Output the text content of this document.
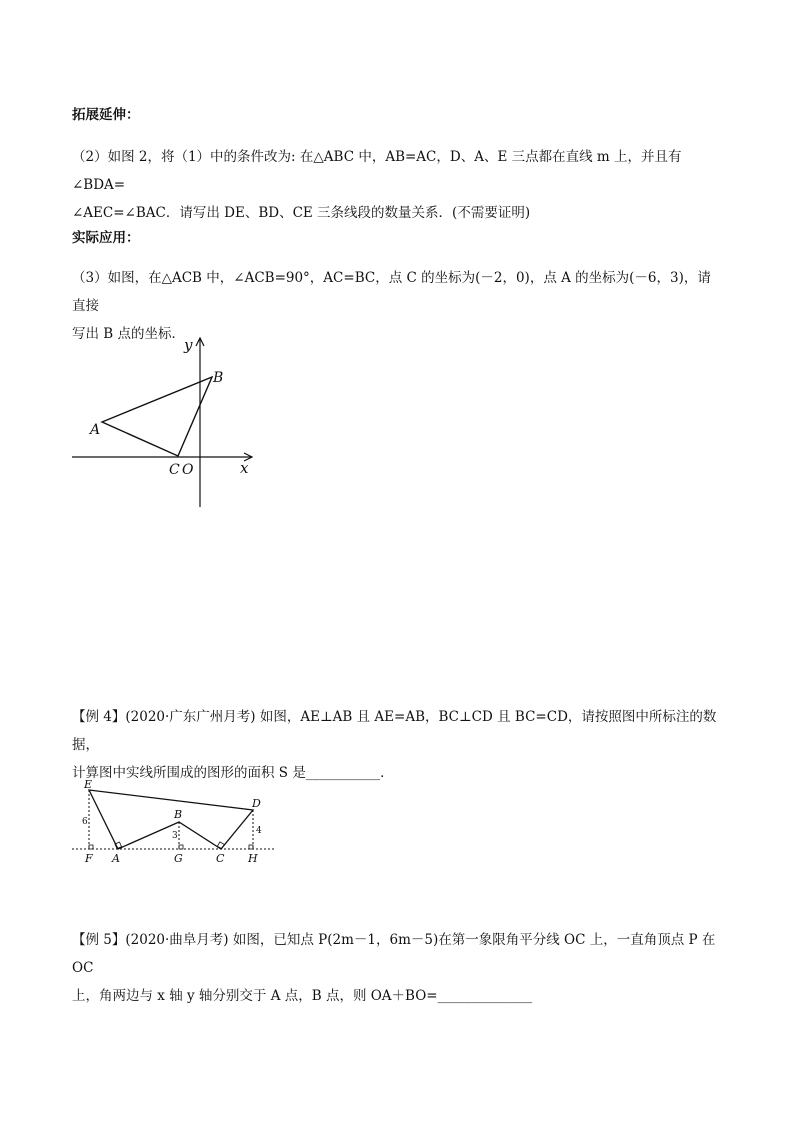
拓展延伸：
（2）如图 2，将（1）中的条件改为: 在△ABC 中，AB=AC，D、A、E 三点都在直线 m 上，并且有∠BDA=
∠AEC=∠BAC．请写出 DE、BD、CE 三条线段的数量关系．(不需要证明)
实际应用：
（3）如图，在△ACB 中，∠ACB=90°，AC=BC，点 C 的坐标为(－2，0)，点 A 的坐标为(－6，3)，请直接
写出 B 点的坐标．
y
x
A
B
C O
【例 4】(2020·广东广州月考) 如图，AE⊥AB 且 AE=AB，BC⊥CD 且 BC=CD，请按照图中所标注的数据，
计算图中实线所围成的图形的面积 S 是___________．
E
D
B
F A	G	C H
6
3	4
【例 5】(2020·曲阜月考) 如图，已知点 P(2m－1，6m－5)在第一象限角平分线 OC 上，一直角顶点 P 在 OC
上，角两边与 x 轴 y 轴分别交于 A 点，B 点，则 OA＋BO=______________
